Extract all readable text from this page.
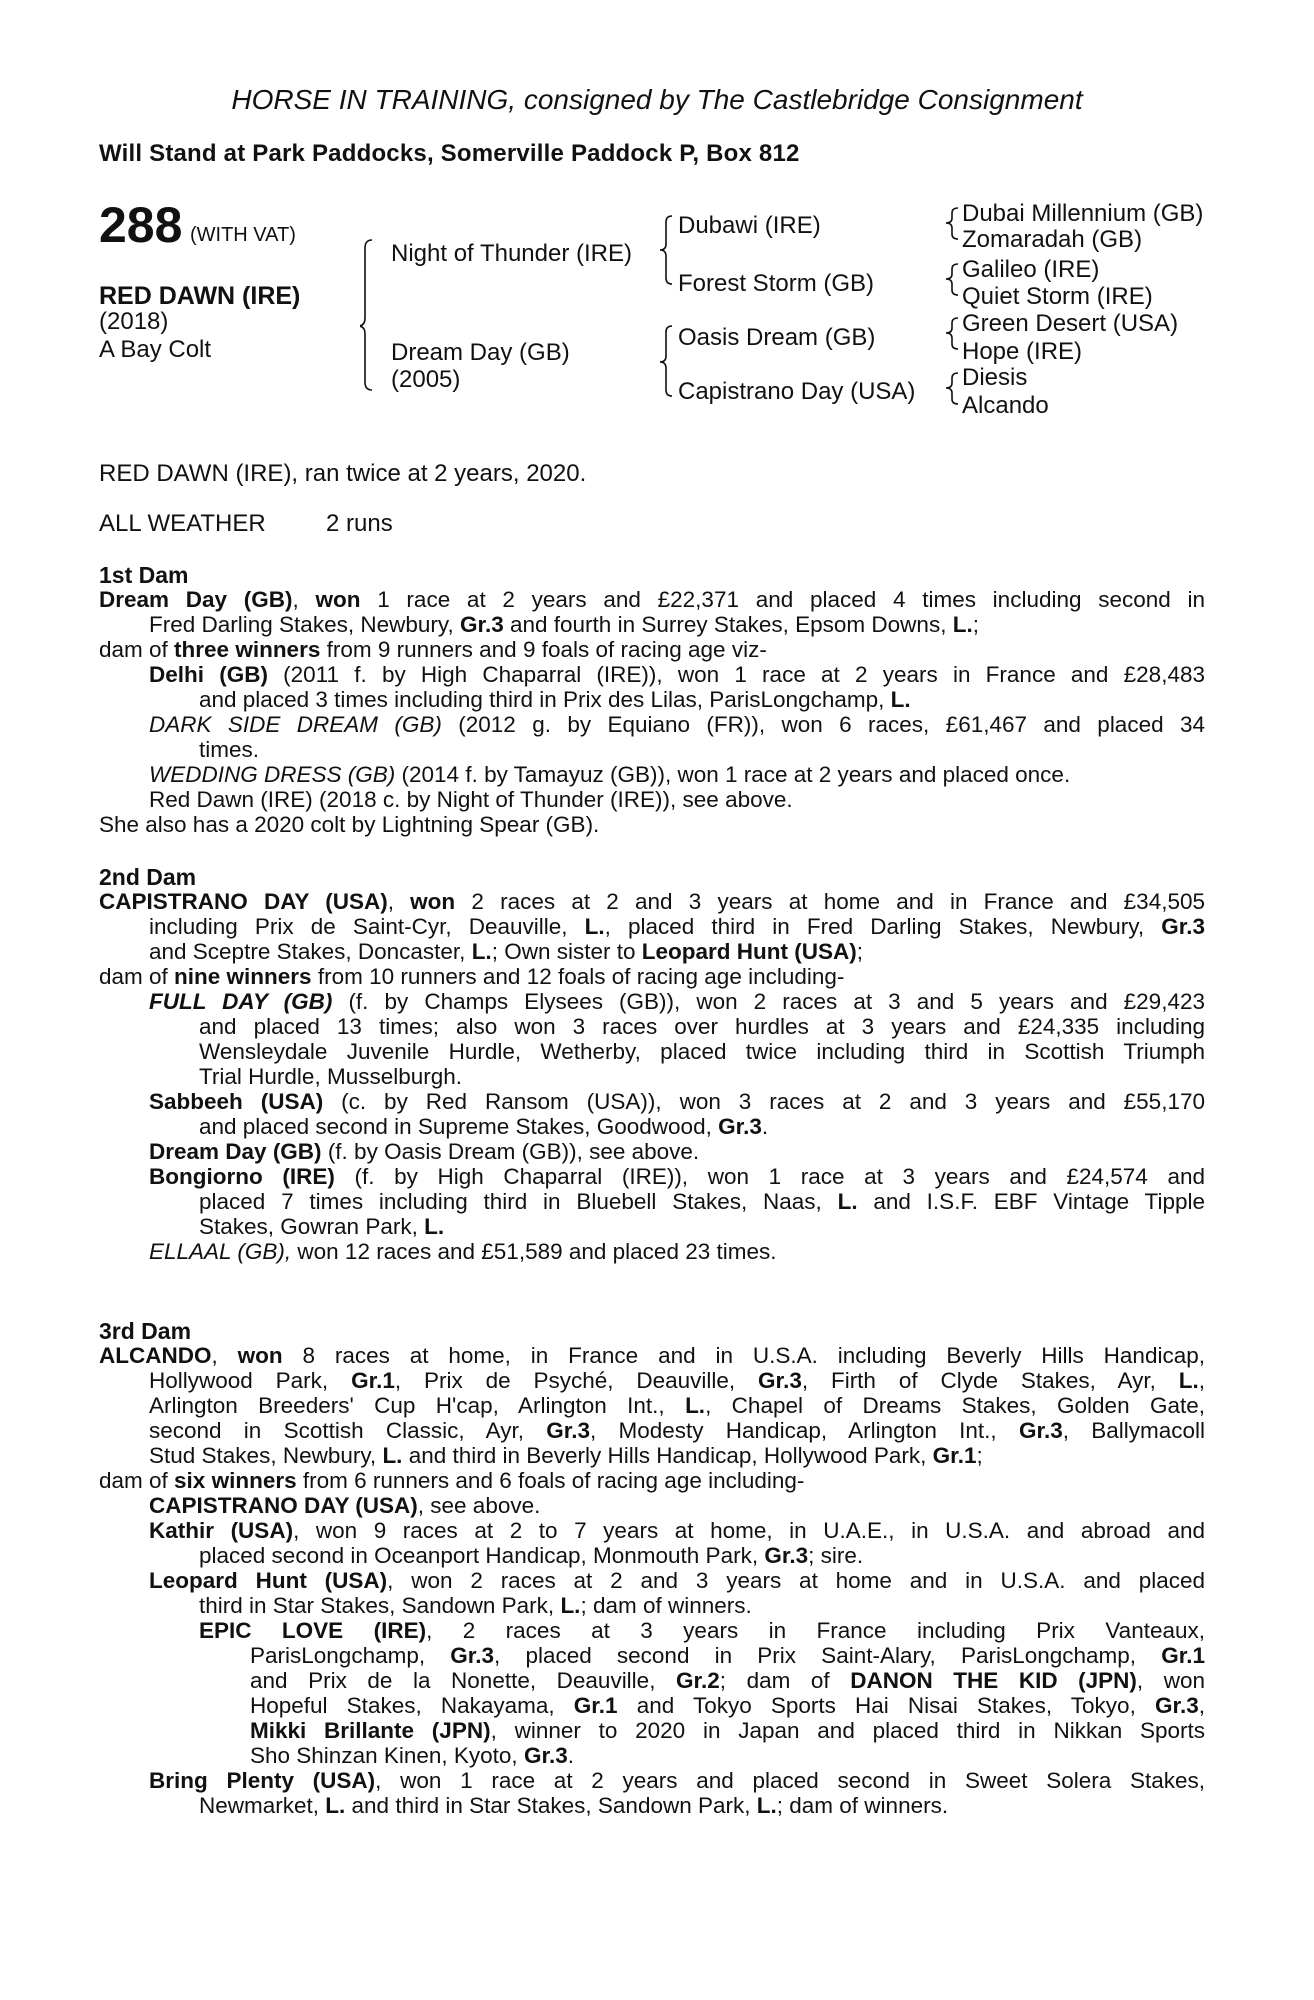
HORSE IN TRAINING, consigned by The Castlebridge Consignment
Will Stand at Park Paddocks, Somerville Paddock P, Box 812
288 (WITH VAT)
RED DAWN (IRE)
(2018)
A Bay Colt
Night of Thunder (IRE)
Dream Day (GB)
(2005)
Dubawi (IRE)
Forest Storm (GB)
Oasis Dream (GB)
Capistrano Day (USA)
Dubai Millennium (GB)
Zomaradah (GB)
Galileo (IRE)
Quiet Storm (IRE)
Green Desert (USA)
Hope (IRE)
Diesis
Alcando
RED DAWN (IRE), ran twice at 2 years, 2020.
ALL WEATHER	2 runs
1st Dam
Dream Day (GB), won 1 race at 2 years and £22,371 and placed 4 times including second in
Fred Darling Stakes, Newbury, Gr.3 and fourth in Surrey Stakes, Epsom Downs, L.;
dam of three winners from 9 runners and 9 foals of racing age viz-
Delhi (GB) (2011 f. by High Chaparral (IRE)), won 1 race at 2 years in France and £28,483
and placed 3 times including third in Prix des Lilas, ParisLongchamp, L.
DARK SIDE DREAM (GB) (2012 g. by Equiano (FR)), won 6 races, £61,467 and placed 34
times.
WEDDING DRESS (GB) (2014 f. by Tamayuz (GB)), won 1 race at 2 years and placed once.
Red Dawn (IRE) (2018 c. by Night of Thunder (IRE)), see above.
She also has a 2020 colt by Lightning Spear (GB).
2nd Dam
CAPISTRANO DAY (USA), won 2 races at 2 and 3 years at home and in France and £34,505
including Prix de Saint-Cyr, Deauville, L., placed third in Fred Darling Stakes, Newbury, Gr.3
and Sceptre Stakes, Doncaster, L.; Own sister to Leopard Hunt (USA);
dam of nine winners from 10 runners and 12 foals of racing age including-
FULL DAY (GB) (f. by Champs Elysees (GB)), won 2 races at 3 and 5 years and £29,423
and placed 13 times; also won 3 races over hurdles at 3 years and £24,335 including
Wensleydale Juvenile Hurdle, Wetherby, placed twice including third in Scottish Triumph
Trial Hurdle, Musselburgh.
Sabbeeh (USA) (c. by Red Ransom (USA)), won 3 races at 2 and 3 years and £55,170
and placed second in Supreme Stakes, Goodwood, Gr.3.
Dream Day (GB) (f. by Oasis Dream (GB)), see above.
Bongiorno (IRE) (f. by High Chaparral (IRE)), won 1 race at 3 years and £24,574 and
placed 7 times including third in Bluebell Stakes, Naas, L. and I.S.F. EBF Vintage Tipple
Stakes, Gowran Park, L.
ELLAAL (GB), won 12 races and £51,589 and placed 23 times.
3rd Dam
ALCANDO, won 8 races at home, in France and in U.S.A. including Beverly Hills Handicap,
Hollywood Park, Gr.1, Prix de Psyché, Deauville, Gr.3, Firth of Clyde Stakes, Ayr, L.,
Arlington Breeders' Cup H'cap, Arlington Int., L., Chapel of Dreams Stakes, Golden Gate,
second in Scottish Classic, Ayr, Gr.3, Modesty Handicap, Arlington Int., Gr.3, Ballymacoll
Stud Stakes, Newbury, L. and third in Beverly Hills Handicap, Hollywood Park, Gr.1;
dam of six winners from 6 runners and 6 foals of racing age including-
CAPISTRANO DAY (USA), see above.
Kathir (USA), won 9 races at 2 to 7 years at home, in U.A.E., in U.S.A. and abroad and
placed second in Oceanport Handicap, Monmouth Park, Gr.3; sire.
Leopard Hunt (USA), won 2 races at 2 and 3 years at home and in U.S.A. and placed
third in Star Stakes, Sandown Park, L.; dam of winners.
EPIC LOVE (IRE), 2 races at 3 years in France including Prix Vanteaux,
ParisLongchamp, Gr.3, placed second in Prix Saint-Alary, ParisLongchamp, Gr.1
and Prix de la Nonette, Deauville, Gr.2; dam of DANON THE KID (JPN), won
Hopeful Stakes, Nakayama, Gr.1 and Tokyo Sports Hai Nisai Stakes, Tokyo, Gr.3,
Mikki Brillante (JPN), winner to 2020 in Japan and placed third in Nikkan Sports
Sho Shinzan Kinen, Kyoto, Gr.3.
Bring Plenty (USA), won 1 race at 2 years and placed second in Sweet Solera Stakes,
Newmarket, L. and third in Star Stakes, Sandown Park, L.; dam of winners.
